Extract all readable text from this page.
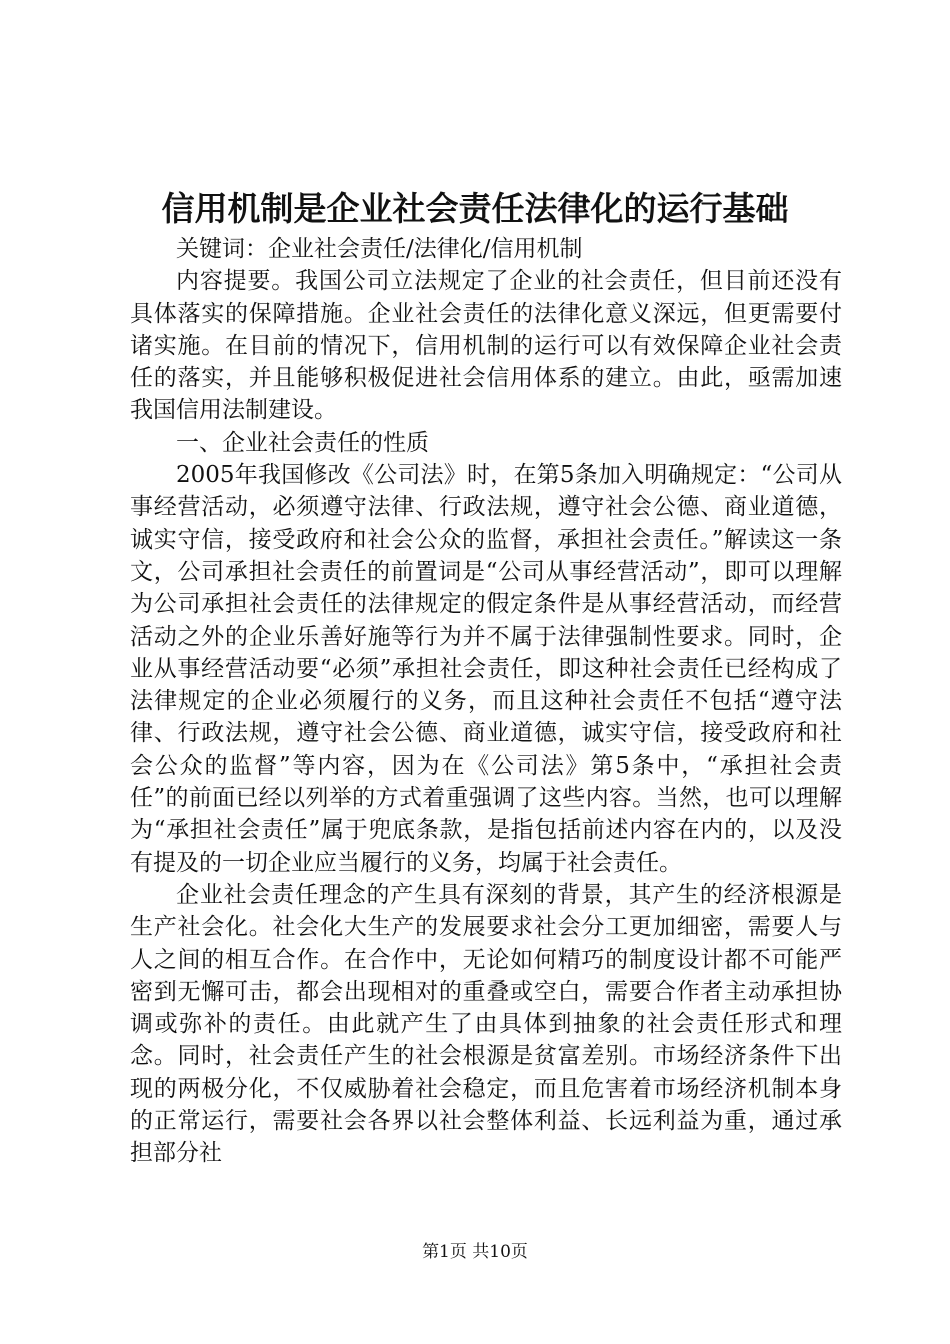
信用机制是企业社会责任法律化的运行基础

关键词：企业社会责任/法律化/信用机制

内容提要。我国公司立法规定了企业的社会责任，但目前还没有具体落实的保障措施。企业社会责任的法律化意义深远，但更需要付诸实施。在目前的情况下，信用机制的运行可以有效保障企业社会责任的落实，并且能够积极促进社会信用体系的建立。由此，亟需加速我国信用法制建设。

一、企业社会责任的性质

2005年我国修改《公司法》时，在第5条加入明确规定：“公司从事经营活动，必须遵守法律、行政法规，遵守社会公德、商业道德，诚实守信，接受政府和社会公众的监督，承担社会责任。”解读这一条文，公司承担社会责任的前置词是“公司从事经营活动”，即可以理解为公司承担社会责任的法律规定的假定条件是从事经营活动，而经营活动之外的企业乐善好施等行为并不属于法律强制性要求。同时，企业从事经营活动要“必须”承担社会责任，即这种社会责任已经构成了法律规定的企业必须履行的义务，而且这种社会责任不包括“遵守法律、行政法规，遵守社会公德、商业道德，诚实守信，接受政府和社会公众的监督”等内容，因为在《公司法》第5条中，“承担社会责任”的前面已经以列举的方式着重强调了这些内容。当然，也可以理解为“承担社会责任”属于兜底条款，是指包括前述内容在内的，以及没有提及的一切企业应当履行的义务，均属于社会责任。

企业社会责任理念的产生具有深刻的背景，其产生的经济根源是生产社会化。社会化大生产的发展要求社会分工更加细密，需要人与人之间的相互合作。在合作中，无论如何精巧的制度设计都不可能严密到无懈可击，都会出现相对的重叠或空白，需要合作者主动承担协调或弥补的责任。由此就产生了由具体到抽象的社会责任形式和理念。同时，社会责任产生的社会根源是贫富差别。市场经济条件下出现的两极分化，不仅威胁着社会稳定，而且危害着市场经济机制本身的正常运行，需要社会各界以社会整体利益、长远利益为重，通过承担部分社

第1页 共10页
